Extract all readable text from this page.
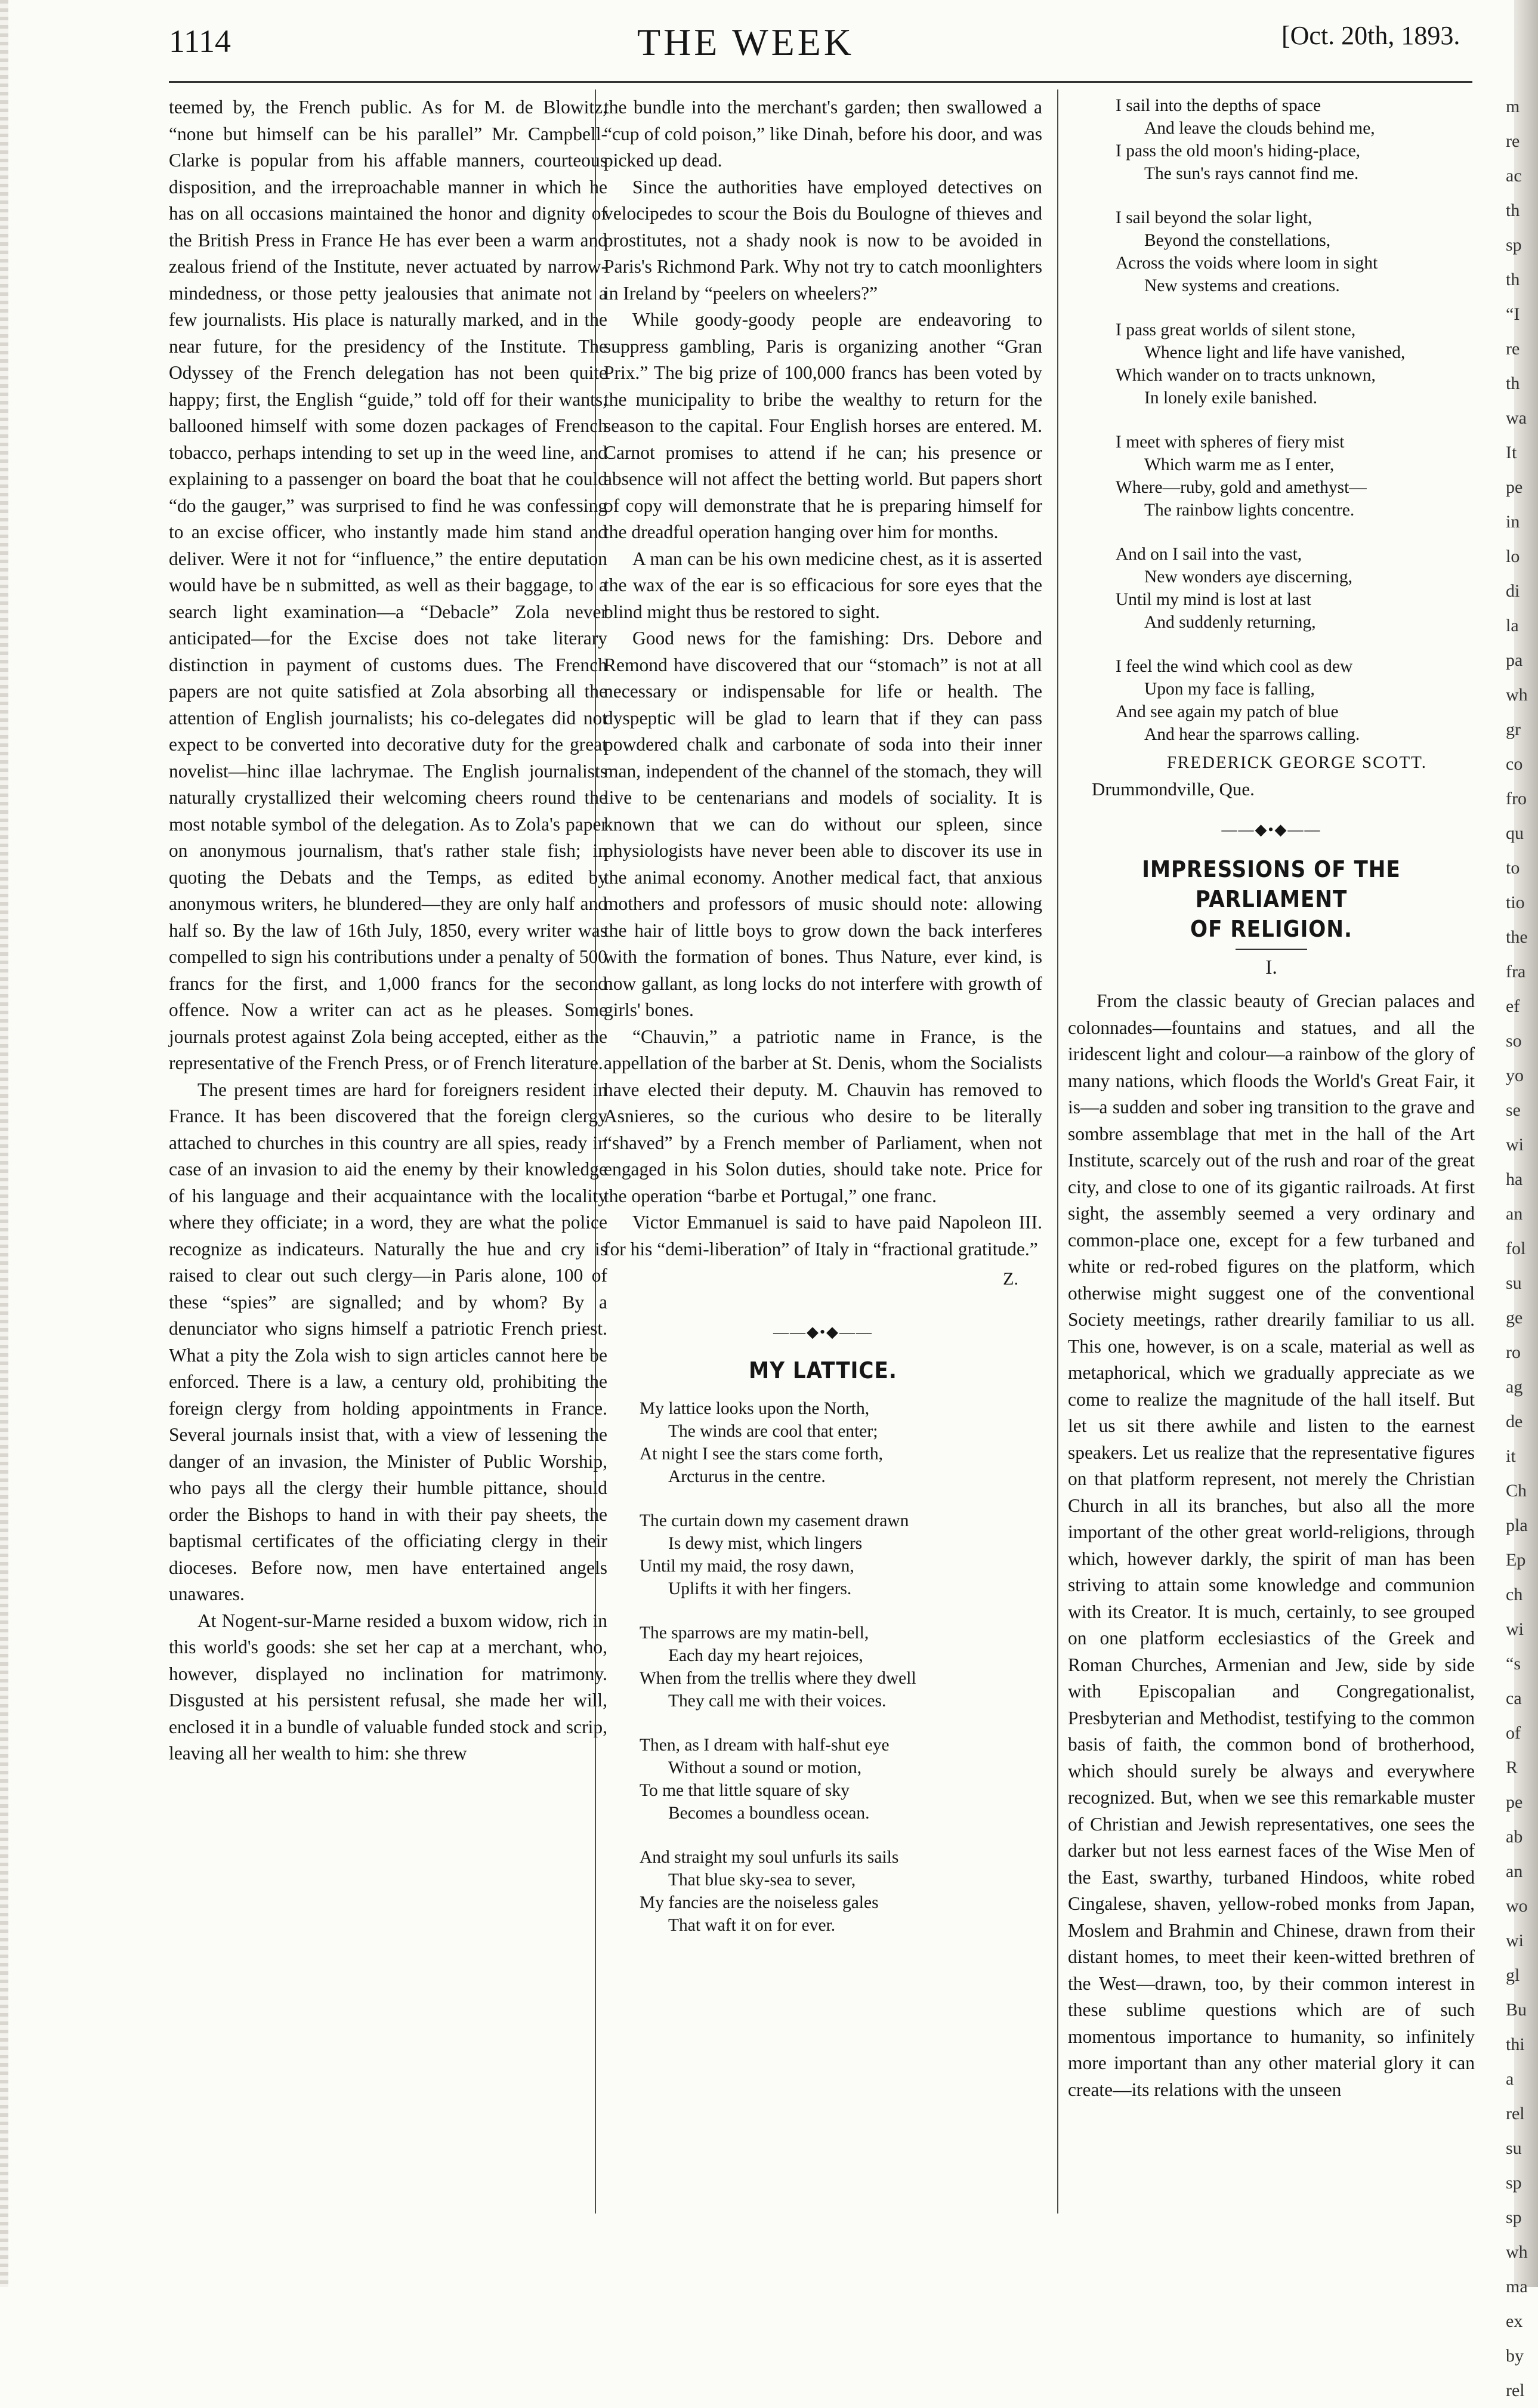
1114	THE WEEK	[Oct. 20th, 1893.

teemed by, the French public. As for M. de Blowitz, “none but himself can be his parallel” Mr. Campbell-Clarke is popular from his affable manners, courteous disposition, and the irreproachable manner in which he has on all occasions maintained the honor and dignity of the British Press in France He has ever been a warm and zealous friend of the Institute, never actuated by narrow-mindedness, or those petty jealousies that animate not a few journalists. His place is naturally marked, and in the near future, for the presidency of the Institute. The Odyssey of the French delegation has not been quite happy; first, the English “guide,” told off for their wants, ballooned himself with some dozen packages of French tobacco, perhaps intending to set up in the weed line, and explaining to a passenger on board the boat that he could “do the gauger,” was surprised to find he was confessing to an excise officer, who instantly made him stand and deliver. Were it not for “influence,” the entire deputation would have be n submitted, as well as their baggage, to a search light examination—a “Debacle” Zola never anticipated—for the Excise does not take literary distinction in payment of customs dues. The French papers are not quite satisfied at Zola absorbing all the attention of English journalists; his co-delegates did not expect to be converted into decorative duty for the great novelist—hinc illae lachrymae. The English journalists naturally crystallized their welcoming cheers round the most notable symbol of the delegation. As to Zola's paper on anonymous journalism, that's rather stale fish; in quoting the Debats and the Temps, as edited by anonymous writers, he blundered—they are only half and half so. By the law of 16th July, 1850, every writer was compelled to sign his contributions under a penalty of 500 francs for the first, and 1,000 francs for the second offence. Now a writer can act as he pleases. Some journals protest against Zola being accepted, either as the representative of the French Press, or of French literature.

The present times are hard for foreigners resident in France. It has been discovered that the foreign clergy attached to churches in this country are all spies, ready in case of an invasion to aid the enemy by their knowledge of his language and their acquaintance with the locality where they officiate; in a word, they are what the police recognize as indicateurs. Naturally the hue and cry is raised to clear out such clergy—in Paris alone, 100 of these “spies” are signalled; and by whom? By a denunciator who signs himself a patriotic French priest. What a pity the Zola wish to sign articles cannot here be enforced. There is a law, a century old, prohibiting the foreign clergy from holding appointments in France. Several journals insist that, with a view of lessening the danger of an invasion, the Minister of Public Worship, who pays all the clergy their humble pittance, should order the Bishops to hand in with their pay sheets, the baptismal certificates of the officiating clergy in their dioceses. Before now, men have entertained angels unawares.

At Nogent-sur-Marne resided a buxom widow, rich in this world's goods: she set her cap at a merchant, who, however, displayed no inclination for matrimony. Disgusted at his persistent refusal, she made her will, enclosed it in a bundle of valuable funded stock and scrip, leaving all her wealth to him: she threw

the bundle into the merchant's garden; then swallowed a “cup of cold poison,” like Dinah, before his door, and was picked up dead.

Since the authorities have employed detectives on velocipedes to scour the Bois du Boulogne of thieves and prostitutes, not a shady nook is now to be avoided in Paris's Richmond Park. Why not try to catch moonlighters in Ireland by “peelers on wheelers?”

While goody-goody people are endeavoring to suppress gambling, Paris is organizing another “Gran Prix.” The big prize of 100,000 francs has been voted by the municipality to bribe the wealthy to return for the season to the capital. Four English horses are entered. M. Carnot promises to attend if he can; his presence or absence will not affect the betting world. But papers short of copy will demonstrate that he is preparing himself for the dreadful operation hanging over him for months.

A man can be his own medicine chest, as it is asserted the wax of the ear is so efficacious for sore eyes that the blind might thus be restored to sight.

Good news for the famishing: Drs. Debore and Remond have discovered that our “stomach” is not at all necessary or indispensable for life or health. The dyspeptic will be glad to learn that if they can pass powdered chalk and carbonate of soda into their inner man, independent of the channel of the stomach, they will live to be centenarians and models of sociality. It is known that we can do without our spleen, since physiologists have never been able to discover its use in the animal economy. Another medical fact, that anxious mothers and professors of music should note: allowing the hair of little boys to grow down the back interferes with the formation of bones. Thus Nature, ever kind, is now gallant, as long locks do not interfere with growth of girls' bones.

“Chauvin,” a patriotic name in France, is the appellation of the barber at St. Denis, whom the Socialists have elected their deputy. M. Chauvin has removed to Asnieres, so the curious who desire to be literally “shaved” by a French member of Parliament, when not engaged in his Solon duties, should take note. Price for the operation “barbe et Portugal,” one franc.

Victor Emmanuel is said to have paid Napoleon III. for his “demi-liberation” of Italy in “fractional gratitude.”

Z.
——◆•◆——
MY LATTICE.
My lattice looks upon the North,
The winds are cool that enter;
At night I see the stars come forth,
Arcturus in the centre.
The curtain down my casement drawn
Is dewy mist, which lingers
Until my maid, the rosy dawn,
Uplifts it with her fingers.
The sparrows are my matin-bell,
Each day my heart rejoices,
When from the trellis where they dwell
They call me with their voices.
Then, as I dream with half-shut eye
Without a sound or motion,
To me that little square of sky
Becomes a boundless ocean.
And straight my soul unfurls its sails
That blue sky-sea to sever,
My fancies are the noiseless gales
That waft it on for ever.
I sail into the depths of space
And leave the clouds behind me,
I pass the old moon's hiding-place,
The sun's rays cannot find me.
I sail beyond the solar light,
Beyond the constellations,
Across the voids where loom in sight
New systems and creations.
I pass great worlds of silent stone,
Whence light and life have vanished,
Which wander on to tracts unknown,
In lonely exile banished.
I meet with spheres of fiery mist
Which warm me as I enter,
Where—ruby, gold and amethyst—
The rainbow lights concentre.
And on I sail into the vast,
New wonders aye discerning,
Until my mind is lost at last
And suddenly returning,
I feel the wind which cool as dew
Upon my face is falling,
And see again my patch of blue
And hear the sparrows calling.
FREDERICK GEORGE SCOTT.
Drummondville, Que.
——◆•◆——
IMPRESSIONS OF THE PARLIAMENT
OF RELIGION.
I.

From the classic beauty of Grecian palaces and colonnades—fountains and statues, and all the iridescent light and colour—a rainbow of the glory of many nations, which floods the World's Great Fair, it is—a sudden and sober ing transition to the grave and sombre assemblage that met in the hall of the Art Institute, scarcely out of the rush and roar of the great city, and close to one of its gigantic railroads. At first sight, the assembly seemed a very ordinary and common-place one, except for a few turbaned and white or red-robed figures on the platform, which otherwise might suggest one of the conventional Society meetings, rather drearily familiar to us all. This one, however, is on a scale, material as well as metaphorical, which we gradually appreciate as we come to realize the magnitude of the hall itself. But let us sit there awhile and listen to the earnest speakers. Let us realize that the representative figures on that platform represent, not merely the Christian Church in all its branches, but also all the more important of the other great world-religions, through which, however darkly, the spirit of man has been striving to attain some knowledge and communion with its Creator. It is much, certainly, to see grouped on one platform ecclesiastics of the Greek and Roman Churches, Armenian and Jew, side by side with Episcopalian and Congregationalist, Presbyterian and Methodist, testifying to the common basis of faith, the common bond of brotherhood, which should surely be always and everywhere recognized. But, when we see this remarkable muster of Christian and Jewish representatives, one sees the darker but not less earnest faces of the Wise Men of the East, swarthy, turbaned Hindoos, white robed Cingalese, shaven, yellow-robed monks from Japan, Moslem and Brahmin and Chinese, drawn from their distant homes, to meet their keen-witted brethren of the West—drawn, too, by their common interest in these sublime questions which are of such momentous importance to humanity, so infinitely more important than any other material glory it can create—its relations with the unseen

m
re
ac
th
sp
th
“I
re
th
wa
It
pe
in
lo
di
la
pa
wh
gr
co
fro
qu
to
tio
the
fra
ef
so
yo
se
wi
ha
an
fol
su
ge
ro
ag
de
it
Ch
pla
Ep
ch
wi
“s
ca
of
R
pe
ab
an
wo
wi
gl
Bu
thi
a
rel
su
sp
sp
wh
ma
ex
by
rel
